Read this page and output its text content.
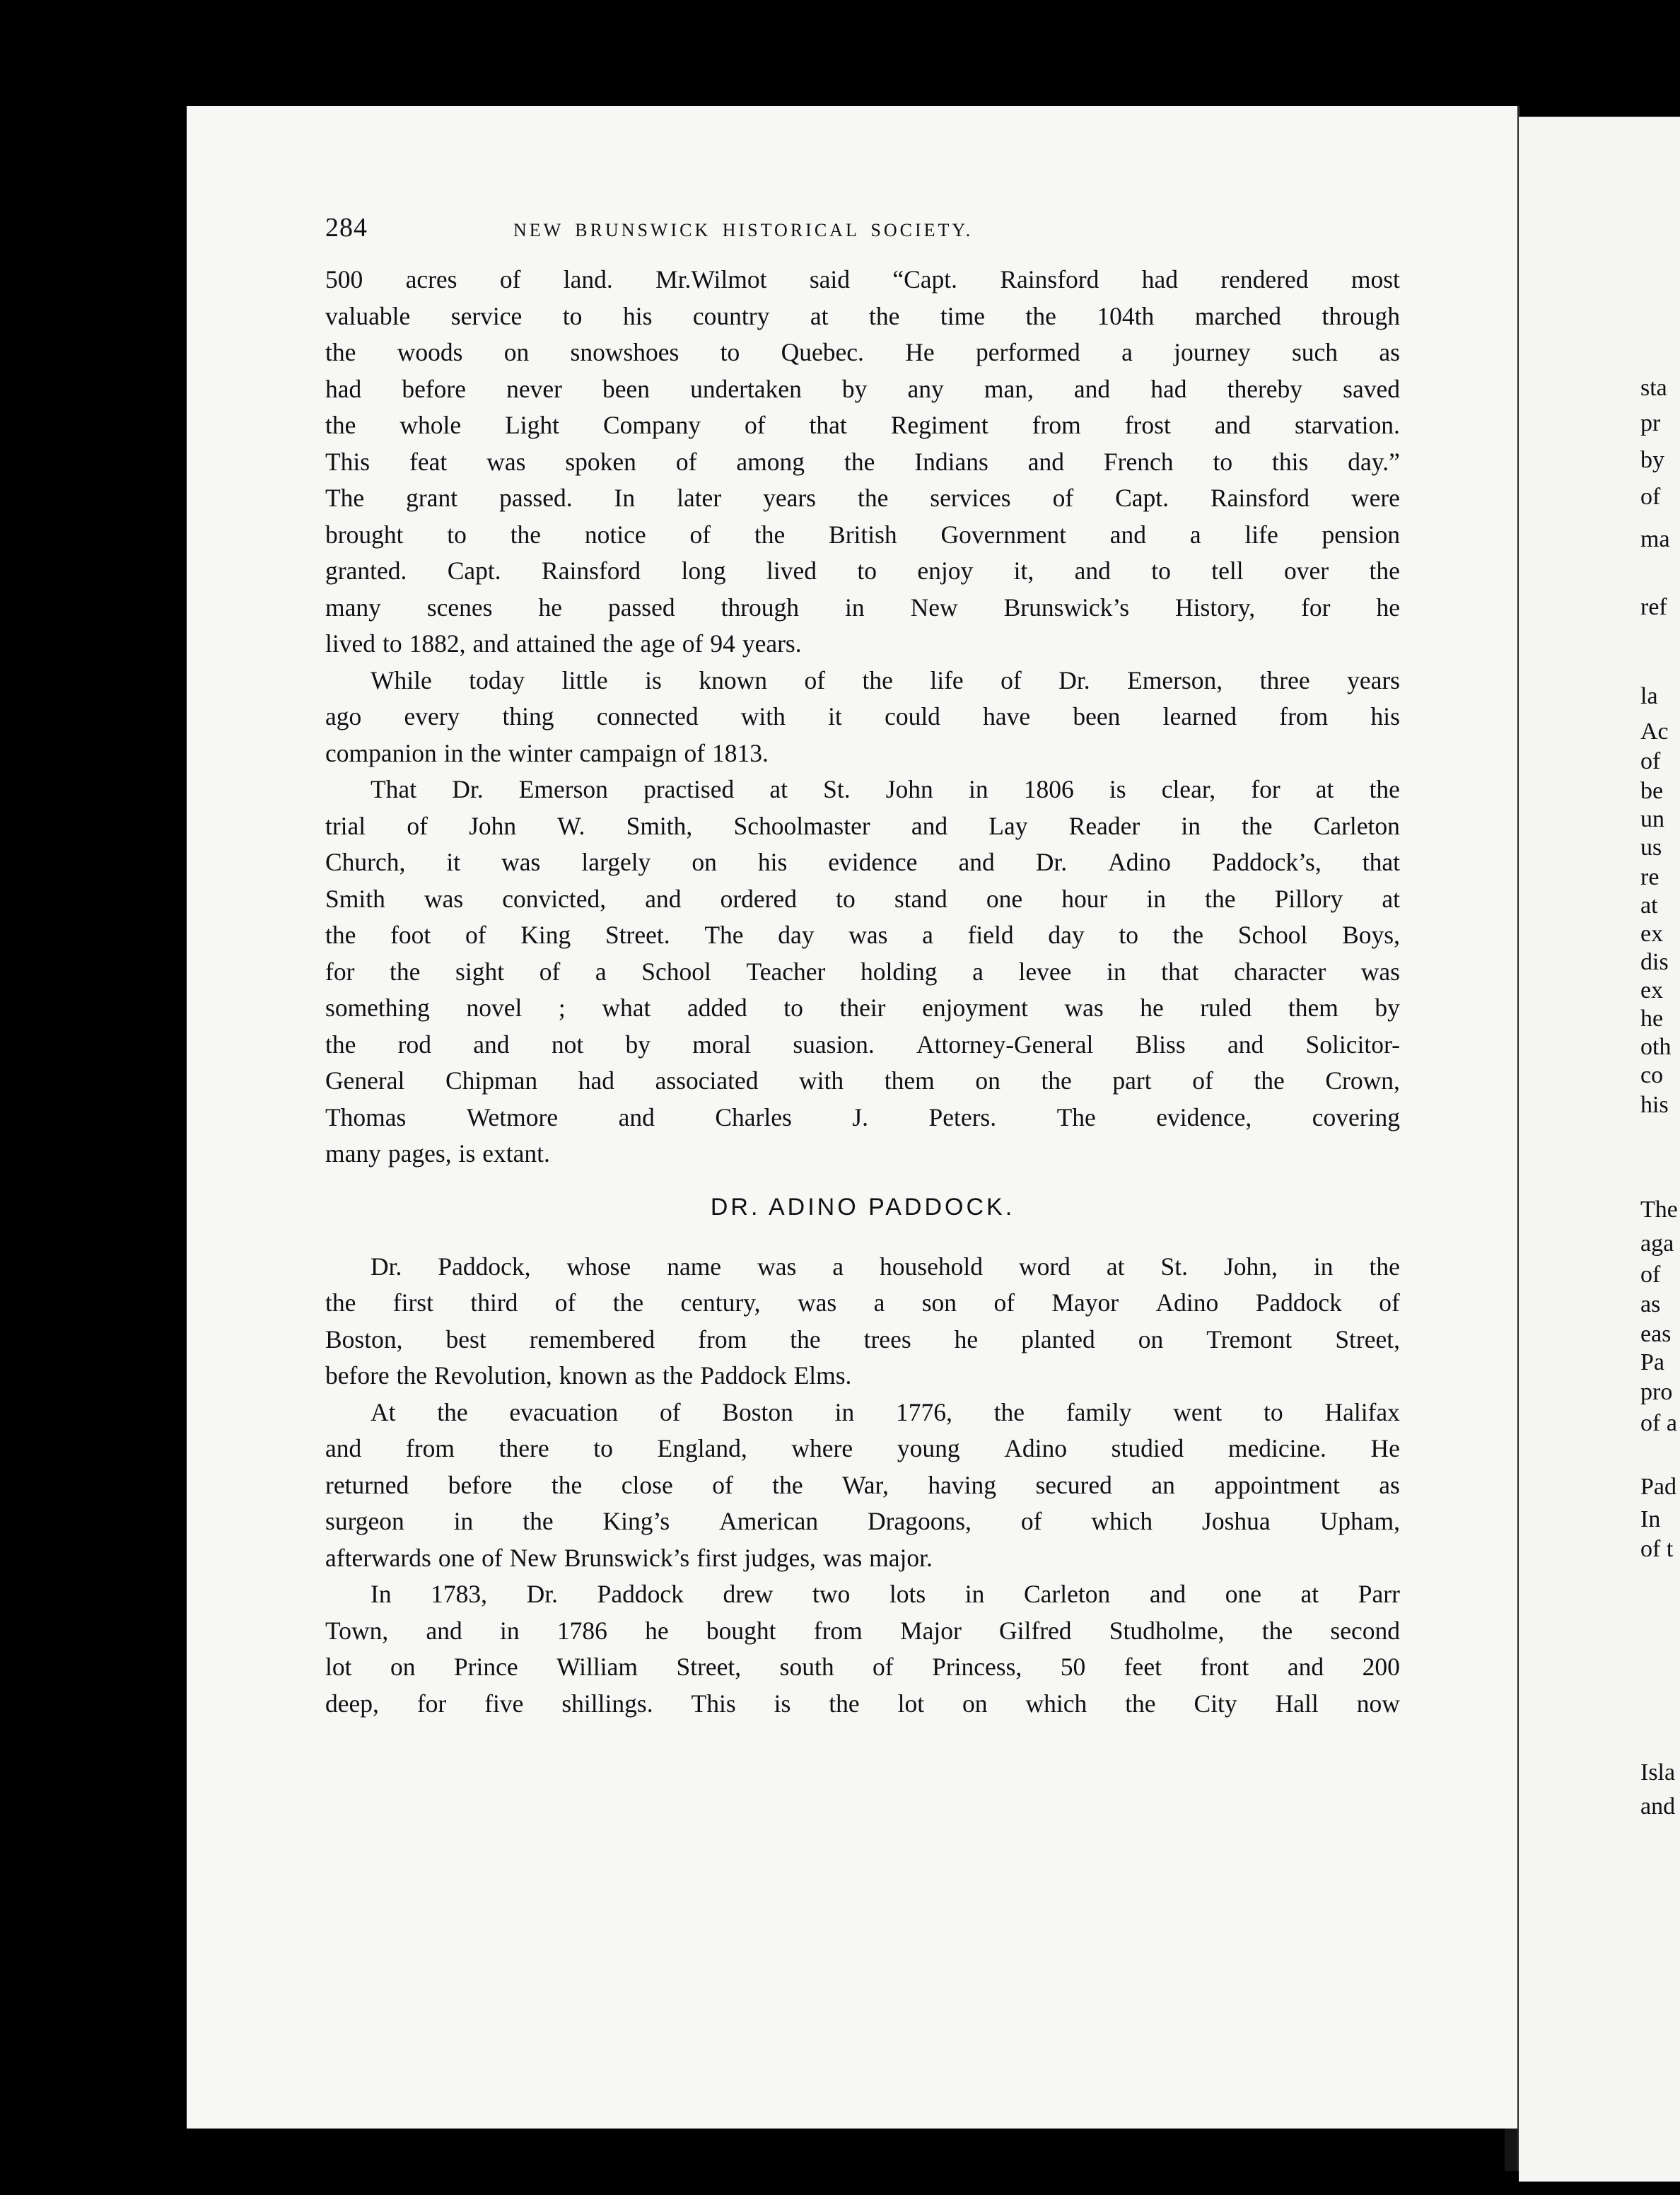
284	NEW BRUNSWICK HISTORICAL SOCIETY.
500 acres of land. Mr.Wilmot said “Capt. Rainsford had rendered most
valuable service to his country at the time the 104th marched through
the woods on snowshoes to Quebec. He performed a journey such as
had before never been undertaken by any man, and had thereby saved
the whole Light Company of that Regiment from frost and starvation.
This feat was spoken of among the Indians and French to this day.”
The grant passed. In later years the services of Capt. Rainsford were
brought to the notice of the British Government and a life pension
granted. Capt. Rainsford long lived to enjoy it, and to tell over the
many scenes he passed through in New Brunswick’s History, for he
lived to 1882, and attained the age of 94 years.
While today little is known of the life of Dr. Emerson, three years
ago every thing connected with it could have been learned from his
companion in the winter campaign of 1813.
That Dr. Emerson practised at St. John in 1806 is clear, for at the
trial of John W. Smith, Schoolmaster and Lay Reader in the Carleton
Church, it was largely on his evidence and Dr. Adino Paddock’s, that
Smith was convicted, and ordered to stand one hour in the Pillory at
the foot of King Street. The day was a field day to the School Boys,
for the sight of a School Teacher holding a levee in that character was
something novel ; what added to their enjoyment was he ruled them by
the rod and not by moral suasion. Attorney-General Bliss and Solicitor-
General Chipman had associated with them on the part of the Crown,
Thomas Wetmore and Charles J. Peters. The evidence, covering
many pages, is extant.
DR. ADINO PADDOCK.
Dr. Paddock, whose name was a household word at St. John, in the
the first third of the century, was a son of Mayor Adino Paddock of
Boston, best remembered from the trees he planted on Tremont Street,
before the Revolution, known as the Paddock Elms.
At the evacuation of Boston in 1776, the family went to Halifax
and from there to England, where young Adino studied medicine. He
returned before the close of the War, having secured an appointment as
surgeon in the King’s American Dragoons, of which Joshua Upham,
afterwards one of New Brunswick’s first judges, was major.
In 1783, Dr. Paddock drew two lots in Carleton and one at Parr
Town, and in 1786 he bought from Major Gilfred Studholme, the second
lot on Prince William Street, south of Princess, 50 feet front and 200
deep, for five shillings. This is the lot on which the City Hall now
sta
pr
by
of
ma
ref
la
Ac
of
be
un
us
re
at
ex
dis
ex
he
oth
co
his
The
aga
of
as
eas
Pa
pro
of a
Pad
In
of t
Isla
and
